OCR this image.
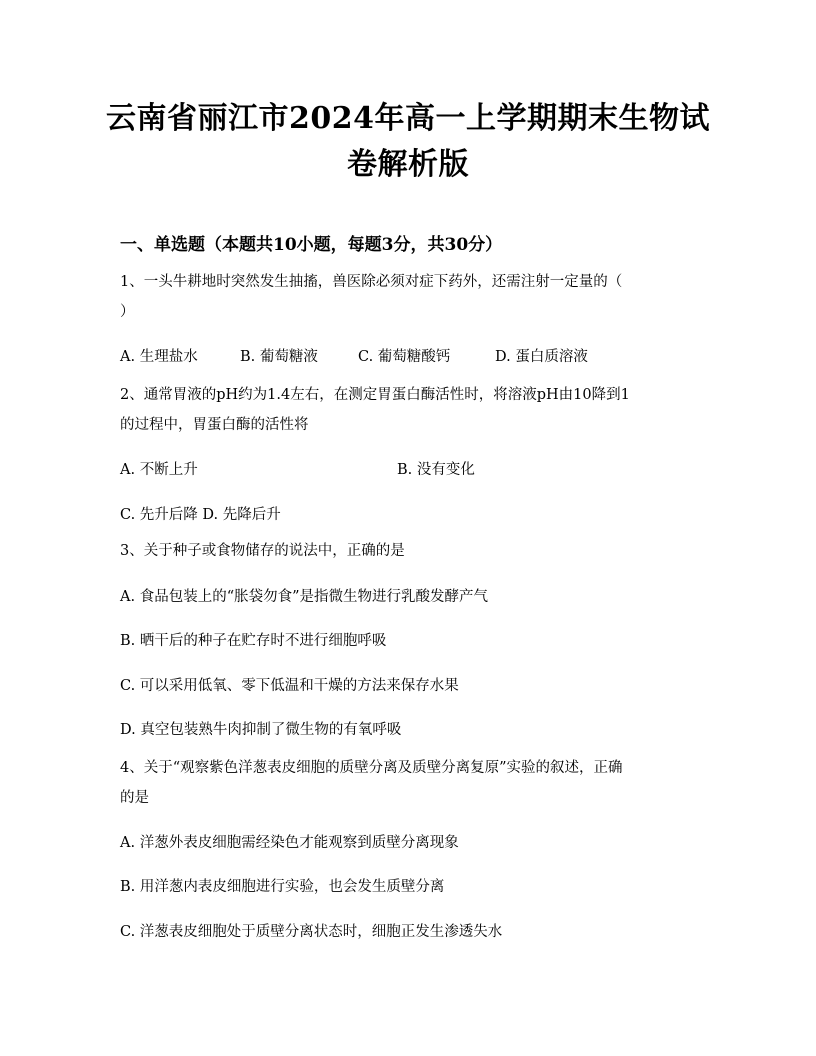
云南省丽江市2024年高一上学期期末生物试
卷解析版
一、单选题（本题共10小题，每题3分，共30分）
1、一头牛耕地时突然发生抽搐，兽医除必须对症下药外，还需注射一定量的（
）
A. 生理盐水	B. 葡萄糖液	C. 葡萄糖酸钙	D. 蛋白质溶液
2、通常胃液的pH约为1.4左右，在测定胃蛋白酶活性时，将溶液pH由10降到1
的过程中，胃蛋白酶的活性将
A. 不断上升	B. 没有变化
C. 先升后降 D. 先降后升
3、关于种子或食物储存的说法中，正确的是
A. 食品包装上的“胀袋勿食”是指微生物进行乳酸发酵产气
B. 晒干后的种子在贮存时不进行细胞呼吸
C. 可以采用低氧、零下低温和干燥的方法来保存水果
D. 真空包装熟牛肉抑制了微生物的有氧呼吸
4、关于“观察紫色洋葱表皮细胞的质壁分离及质壁分离复原”实验的叙述，正确
的是
A. 洋葱外表皮细胞需经染色才能观察到质壁分离现象
B. 用洋葱内表皮细胞进行实验，也会发生质壁分离
C. 洋葱表皮细胞处于质壁分离状态时，细胞正发生渗透失水
